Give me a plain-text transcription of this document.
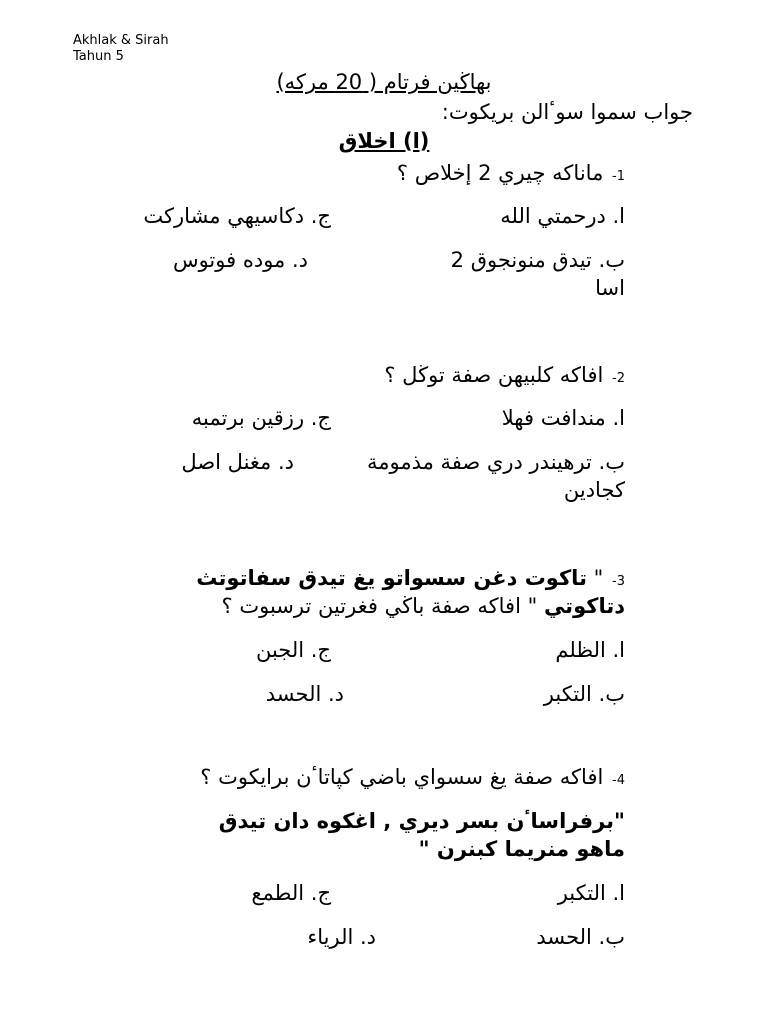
Akhlak & Sirah
Tahun 5
بهاڬين فرتام ( 20 مركه)
جواب سموا سوٴالن بريكوت:
(ا) اخلاق
1- ماناكه چيري 2 إخلاص ؟
ا. درحمتي الله
ج. دكاسيهي مشاركت
ب. تيدق منونجوق 2
اسا
د. موده فوتوس
2- افاكه كلبيهن صفة توڬل ؟
ا. مندافت فهلا
ج. رزقين برتمبه
ب. ترهيندر دري صفة مذمومة
كجادين
د. مغنل اصل
3- " تاكوت دغن سسواتو يغ تيدق سفاتوتث
دتاكوتي " افاكه صفة باڬي فغرتين ترسبوت ؟
ا. الظلم
ج. الجبن
ب. التكبر
د. الحسد
4- افاكه صفة يغ سسواي باضي كپاتاٴن برايكوت ؟
"برفراساٴن بسر ديري , اغكوه دان تيدق
ماهو منريما كبنرن "
ا. التكبر
ج. الطمع
ب. الحسد
د. الرياء
